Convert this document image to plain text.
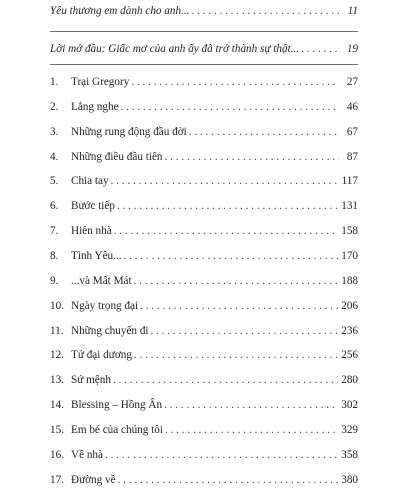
Yêu thương em dành cho anh... . . .	11
Lời mở đầu: Giấc mơ của anh ấy đã trở thành sự thật... . . .	19
1.	Trại Gregory . . .	27
2.	Lắng nghe . . .	46
3.	Những rung động đầu đời . . .	67
4.	Những điều đầu tiên . . .	87
5.	Chia tay . . .	117
6.	Bước tiếp . . .	131
7.	Hiên nhà . . .	158
8.	Tình Yêu... . . .	170
9.	...và Mất Mát . . .	188
10. Ngày trọng đại . . .	206
11. Những chuyến đi . . .	236
12. Tứ đại dương . . .	256
13. Sứ mệnh . . .	280
14. Blessing – Hồng Ân . . .	302
15. Em bé của chúng tôi . . .	329
16. Về nhà . . .	358
17. Đường về . . .	380
